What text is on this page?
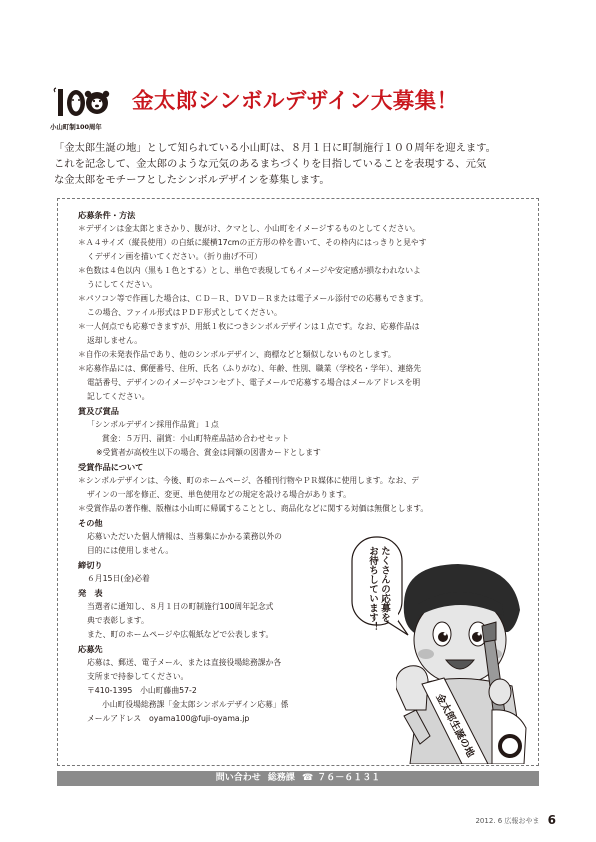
小山町制100周年
金太郎シンボルデザイン大募集！
「金太郎生誕の地」として知られている小山町は、８月１日に町制施行１００周年を迎えます。
これを記念して、金太郎のような元気のあるまちづくりを目指していることを表現する、元気
な金太郎をモチーフとしたシンボルデザインを募集します。
応募条件・方法
＊デザインは金太郎とまさかり、腹がけ、クマとし、小山町をイメージするものとしてください。
＊Ａ４サイズ（縦長使用）の白紙に縦横17cmの正方形の枠を書いて、その枠内にはっきりと見やす
くデザイン画を描いてください。（折り曲げ不可）
＊色数は４色以内（黒も１色とする）とし、単色で表現してもイメージや安定感が損なわれないよ
うにしてください。
＊パソコン等で作画した場合は、ＣＤ－Ｒ、ＤＶＤ－Ｒまたは電子メール添付での応募もできます。
この場合、ファイル形式はＰＤＦ形式としてください。
＊一人何点でも応募できますが、用紙１枚につきシンボルデザインは１点です。なお、応募作品は
返却しません。
＊自作の未発表作品であり、他のシンボルデザイン、商標などと類似しないものとします。
＊応募作品には、郵便番号、住所、氏名（ふりがな）、年齢、性別、職業（学校名・学年）、連絡先
電話番号、デザインのイメージやコンセプト、電子メールで応募する場合はメールアドレスを明
記してください。
賞及び賞品
「シンボルデザイン採用作品賞」１点
賞金：５万円、副賞：小山町特産品詰め合わせセット
※受賞者が高校生以下の場合、賞金は同額の図書カードとします
受賞作品について
＊シンボルデザインは、今後、町のホームページ、各種刊行物やＰＲ媒体に使用します。なお、デ
ザインの一部を修正、変更、単色使用などの規定を設ける場合があります。
＊受賞作品の著作権、版権は小山町に帰属することとし、商品化などに関する対価は無償とします。
その他
応募いただいた個人情報は、当募集にかかる業務以外の
目的には使用しません。
締切り
６月15日(金)必着
発　表
当選者に通知し、８月１日の町制施行100周年記念式
典で表彰します。
また、町のホームページや広報紙などで公表します。
応募先
応募は、郵送、電子メール、または直接役場総務課か各
支所まで持参してください。
〒410-1395　小山町藤曲57-2
小山町役場総務課「金太郎シンボルデザイン応募」係
メールアドレス　oyama100@fuji-oyama.jp
たくさんの応募を
お待ちしています！
金太郎生誕の地
問い合わせ 総務課 ☎ ７６－６１３１
2012. 6 広報おやま 6
